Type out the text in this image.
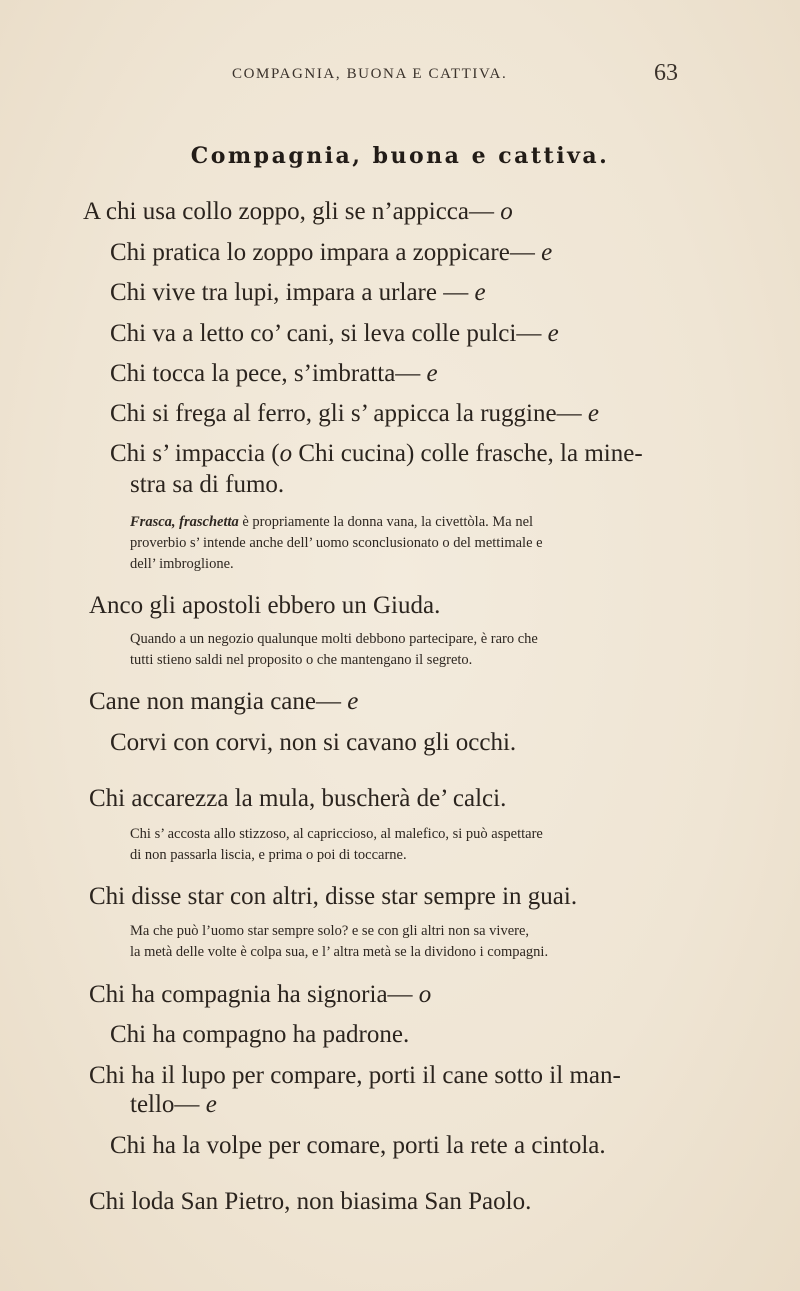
COMPAGNIA, BUONA E CATTIVA.	63
Compagnia, buona e cattiva.
A chi usa collo zoppo, gli se n’appicca— o
Chi pratica lo zoppo impara a zoppicare— e
Chi vive tra lupi, impara a urlare — e
Chi va a letto co’ cani, si leva colle pulci— e
Chi tocca la pece, s’imbratta— e
Chi si frega al ferro, gli s’ appicca la ruggine— e
Chi s’ impaccia (o Chi cucina) colle frasche, la mine-
stra sa di fumo.
Frasca, fraschetta è propriamente la donna vana, la civettòla. Ma nel
proverbio s’ intende anche dell’ uomo sconclusionato o del mettimale e
dell’ imbroglione.
Anco gli apostoli ebbero un Giuda.
Quando a un negozio qualunque molti debbono partecipare, è raro che
tutti stieno saldi nel proposito o che mantengano il segreto.
Cane non mangia cane— e
Corvi con corvi, non si cavano gli occhi.
Chi accarezza la mula, buscherà de’ calci.
Chi s’ accosta allo stizzoso, al capriccioso, al malefico, si può aspettare
di non passarla liscia, e prima o poi di toccarne.
Chi disse star con altri, disse star sempre in guai.
Ma che può l’uomo star sempre solo? e se con gli altri non sa vivere,
la metà delle volte è colpa sua, e l’ altra metà se la dividono i compagni.
Chi ha compagnia ha signoria— o
Chi ha compagno ha padrone.
Chi ha il lupo per compare, porti il cane sotto il man-
tello— e
Chi ha la volpe per comare, porti la rete a cintola.
Chi loda San Pietro, non biasima San Paolo.
